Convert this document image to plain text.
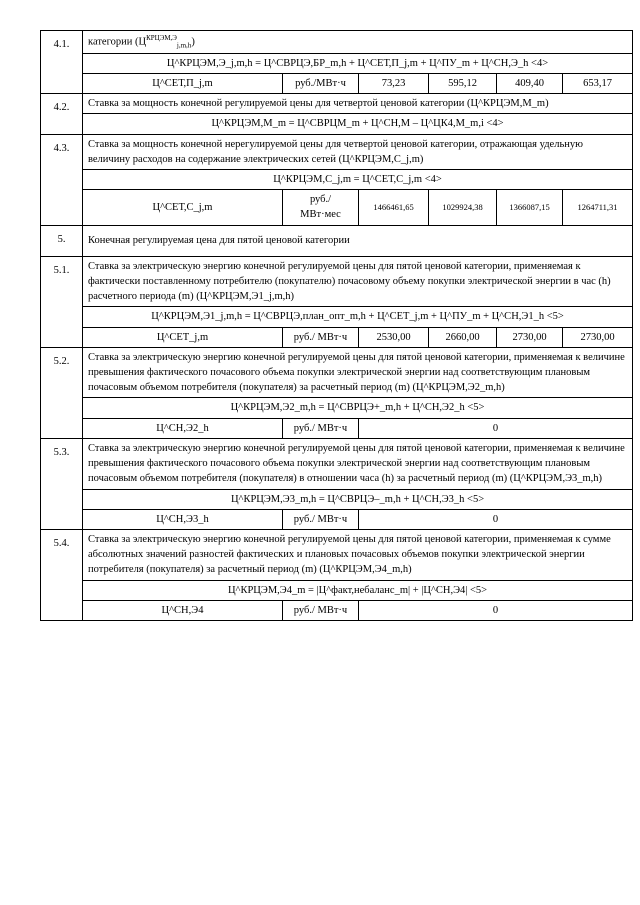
4.1.	категории $(Ц^{КРЦЭМ,Э}_{j,m,h})$					
	Ц^КРЦЭМ,Э_j,m,h = Ц^СВРЦЭ,БР_m,h + Ц^СЕТ,П_j,m + Ц^ПУ_m + Ц^СН,Э_h <4>					
	Ц^СЕТ,П_j,m	руб./МВт·ч	73,23	595,12	409,40	653,17
4.2.	Ставка за мощность конечной регулируемой цены для четвертой ценовой категории (Ц^КРЦЭМ,М_m)					
	Ц^КРЦЭМ,М_m = Ц^СВРЦМ_m + Ц^СН,М – Ц^ЦК4,М_m,i <4>					
4.3.	Ставка за мощность конечной нерегулируемой цены для четвертой ценовой категории, отражающая удельную величину расходов на содержание электрических сетей (Ц^КРЦЭМ,С_j,m)					
	Ц^КРЦЭМ,С_j,m = Ц^СЕТ,С_j,m <4>					
	Ц^СЕТ,С_j,m	руб./
МВт·мес	1466461,65	1029924,38	1366087,15	1264711,31
5.	Конечная регулируемая цена для пятой ценовой категории					
5.1.	Ставка за электрическую энергию конечной регулируемой цены для пятой ценовой категории, применяемая к фактически поставленному потребителю (покупателю) почасовому объему покупки электрической энергии в час (h) расчетного периода (m) (Ц^КРЦЭМ,Э1_j,m,h)					
	Ц^КРЦЭМ,Э1_j,m,h = Ц^СВРЦЭ,план_опт_m,h + Ц^СЕТ_j,m + Ц^ПУ_m + Ц^СН,Э1_h <5>					
	Ц^СЕТ_j,m	руб./ МВт·ч	2530,00	2660,00	2730,00	2730,00
5.2.	Ставка за электрическую энергию конечной регулируемой цены для пятой ценовой категории, применяемая к величине превышения фактического почасового объема покупки электрической энергии над соответствующим плановым почасовым объемом потребителя (покупателя) за расчетный период (m) (Ц^КРЦЭМ,Э2_m,h)					
	Ц^КРЦЭМ,Э2_m,h = Ц^СВРЦЭ+_m,h + Ц^СН,Э2_h <5>					
	Ц^СН,Э2_h	руб./ МВт·ч	0			
5.3.	Ставка за электрическую энергию конечной регулируемой цены для пятой ценовой категории, применяемая к величине превышения фактического почасового объема покупки электрической энергии над соответствующим плановым почасовым объемом потребителя (покупателя) в отношении часа (h) за расчетный период (m) (Ц^КРЦЭМ,Э3_m,h)					
	Ц^КРЦЭМ,Э3_m,h = Ц^СВРЦЭ–_m,h + Ц^СН,Э3_h <5>					
	Ц^СН,Э3_h	руб./ МВт·ч	0			
5.4.	Ставка за электрическую энергию конечной регулируемой цены для пятой ценовой категории, применяемая к сумме абсолютных значений разностей фактических и плановых почасовых объемов покупки электрической энергии потребителя (покупателя) за расчетный период (m) (Ц^КРЦЭМ,Э4_m,h)					
	Ц^КРЦЭМ,Э4_m = |Ц^факт,небаланс_m| + |Ц^СН,Э4| <5>					
	Ц^СН,Э4	руб./ МВт·ч	0			
